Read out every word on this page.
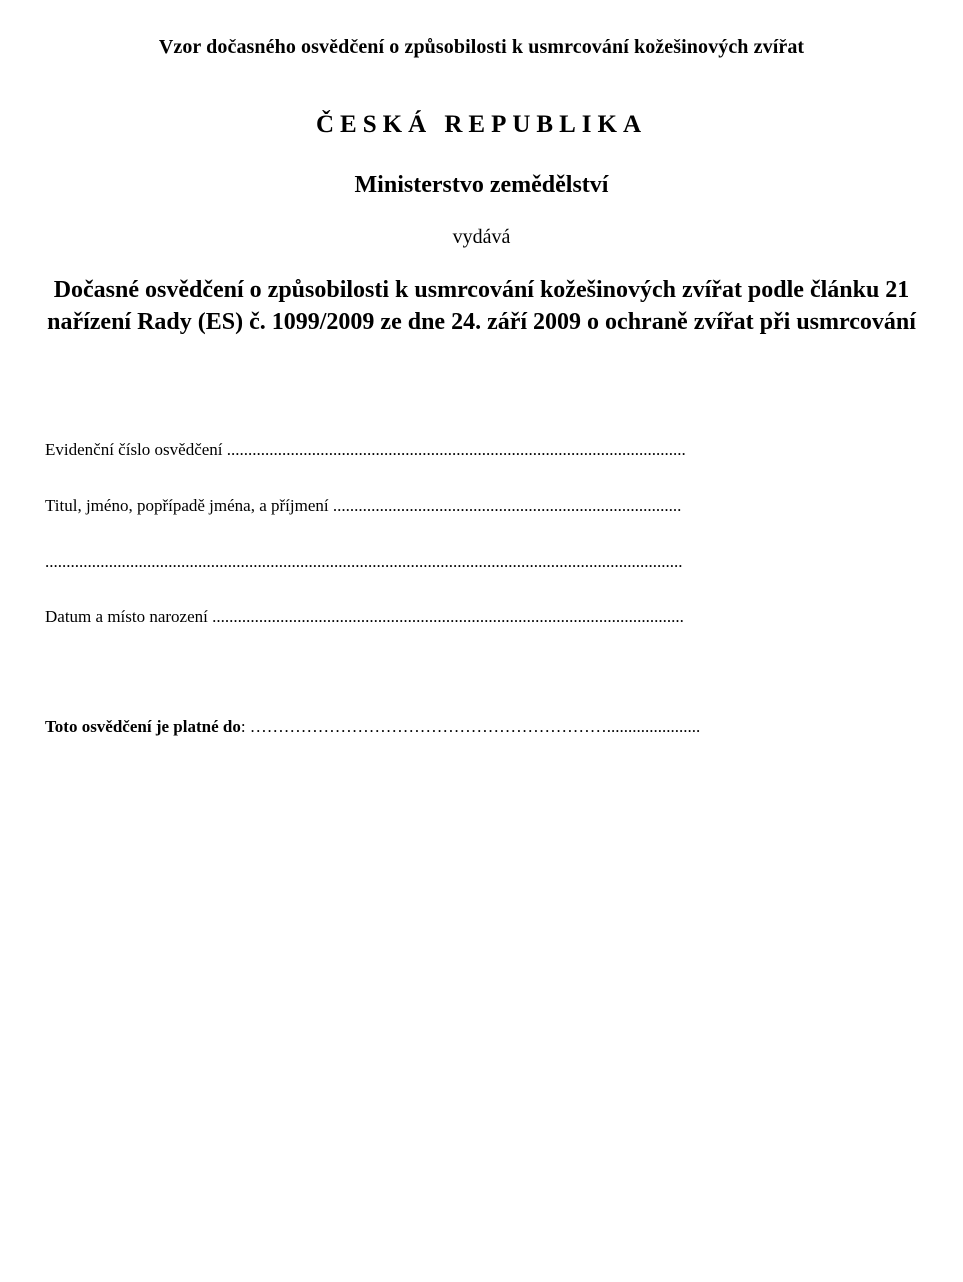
Vzor dočasného osvědčení o způsobilosti k usmrcování kožešinových zvířat
ČESKÁ REPUBLIKA
Ministerstvo zemědělství
vydává
Dočasné osvědčení o způsobilosti k usmrcování kožešinových zvířat podle článku 21 nařízení Rady (ES) č. 1099/2009 ze dne 24. září 2009 o ochraně zvířat při usmrcování
Evidenční číslo osvědčení ............................................................................................................
Titul, jméno, popřípadě jména, a příjmení ..................................................................................
......................................................................................................................................................
Datum a místo narození ...............................................................................................................
Toto osvědčení je platné do: ………………………………………………………......................
